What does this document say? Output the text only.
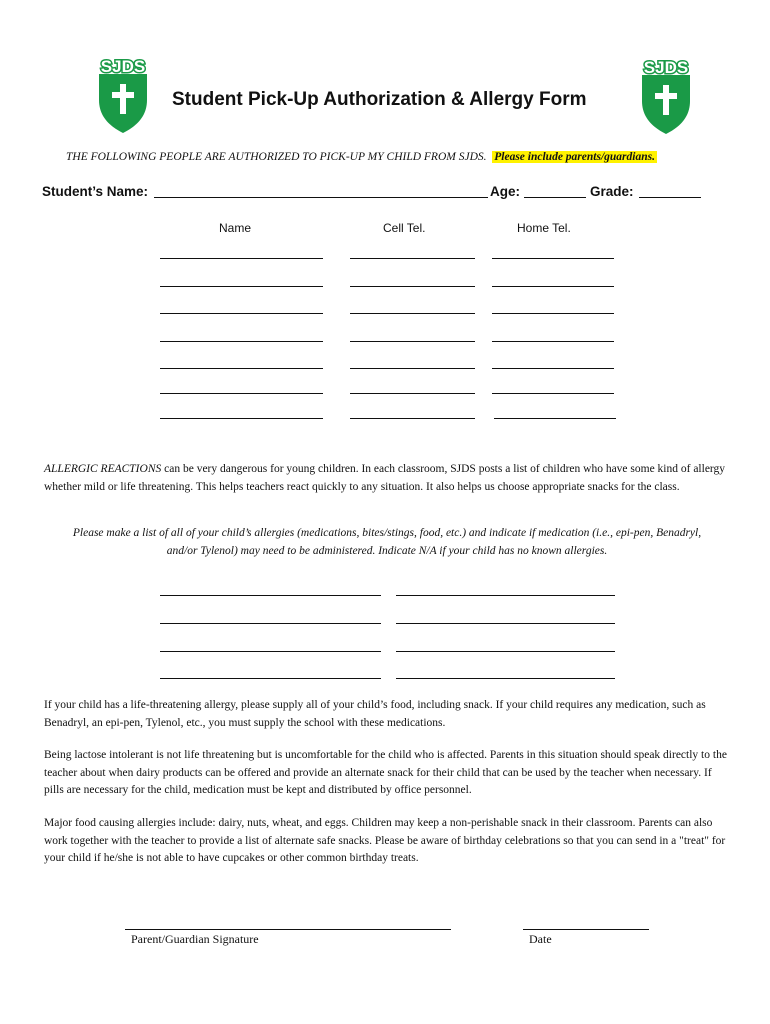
SJDS	SJDS
Student Pick-Up Authorization & Allergy Form
THE FOLLOWING PEOPLE ARE AUTHORIZED TO PICK-UP MY CHILD FROM SJDS. Please include parents/guardians.
Student’s Name:	Age:	Grade:
Name	Cell Tel.	Home Tel.
ALLERGIC REACTIONS can be very dangerous for young children. In each classroom, SJDS posts a list of children who have some kind of allergy whether mild or life threatening. This helps teachers react quickly to any situation. It also helps us choose appropriate snacks for the class.
Please make a list of all of your child’s allergies (medications, bites/stings, food, etc.) and indicate if medication (i.e., epi-pen, Benadryl, and/or Tylenol) may need to be administered. Indicate N/A if your child has no known allergies.
If your child has a life-threatening allergy, please supply all of your child’s food, including snack. If your child requires any medication, such as Benadryl, an epi-pen, Tylenol, etc., you must supply the school with these medications.
Being lactose intolerant is not life threatening but is uncomfortable for the child who is affected. Parents in this situation should speak directly to the teacher about when dairy products can be offered and provide an alternate snack for their child that can be used by the teacher when necessary. If pills are necessary for the child, medication must be kept and distributed by office personnel.
Major food causing allergies include: dairy, nuts, wheat, and eggs. Children may keep a non-perishable snack in their classroom. Parents can also work together with the teacher to provide a list of alternate safe snacks. Please be aware of birthday celebrations so that you can send in a "treat" for your child if he/she is not able to have cupcakes or other common birthday treats.
Parent/Guardian Signature	Date
